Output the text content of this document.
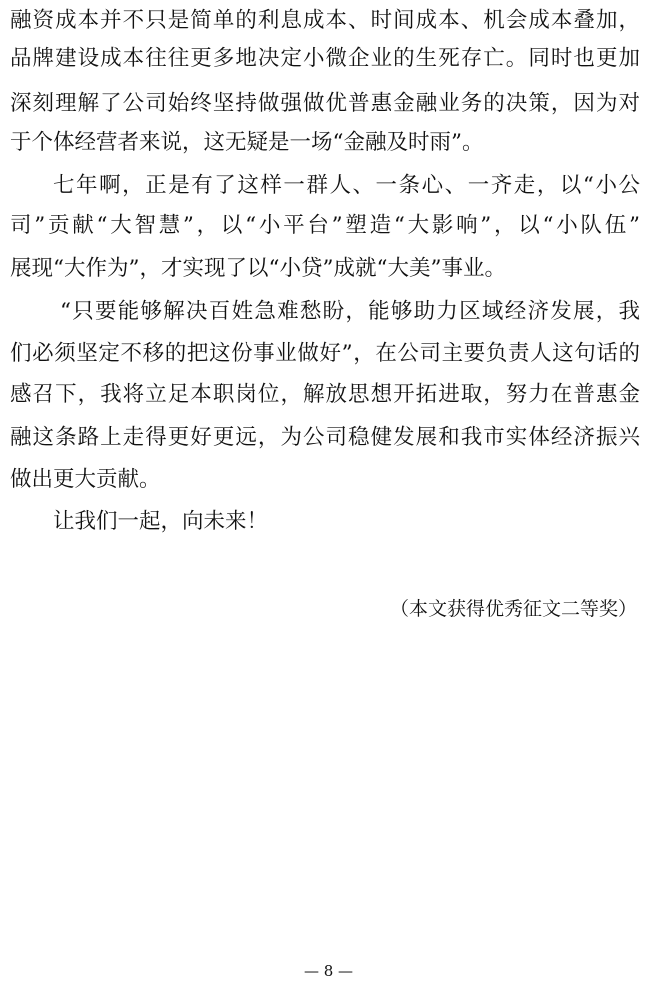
融资成本并不只是简单的利息成本、时间成本、机会成本叠加，
品牌建设成本往往更多地决定小微企业的生死存亡。同时也更加
深刻理解了公司始终坚持做强做优普惠金融业务的决策，因为对
于个体经营者来说，这无疑是一场“金融及时雨”。
七年啊，正是有了这样一群人、一条心、一齐走，以“小公
司”贡献“大智慧”，以“小平台”塑造“大影响”，以“小队伍”
展现“大作为”，才实现了以“小贷”成就“大美”事业。
“只要能够解决百姓急难愁盼，能够助力区域经济发展，我
们必须坚定不移的把这份事业做好”，在公司主要负责人这句话的
感召下，我将立足本职岗位，解放思想开拓进取，努力在普惠金
融这条路上走得更好更远，为公司稳健发展和我市实体经济振兴
做出更大贡献。
让我们一起，向未来！
（本文获得优秀征文二等奖）
— 8 —
